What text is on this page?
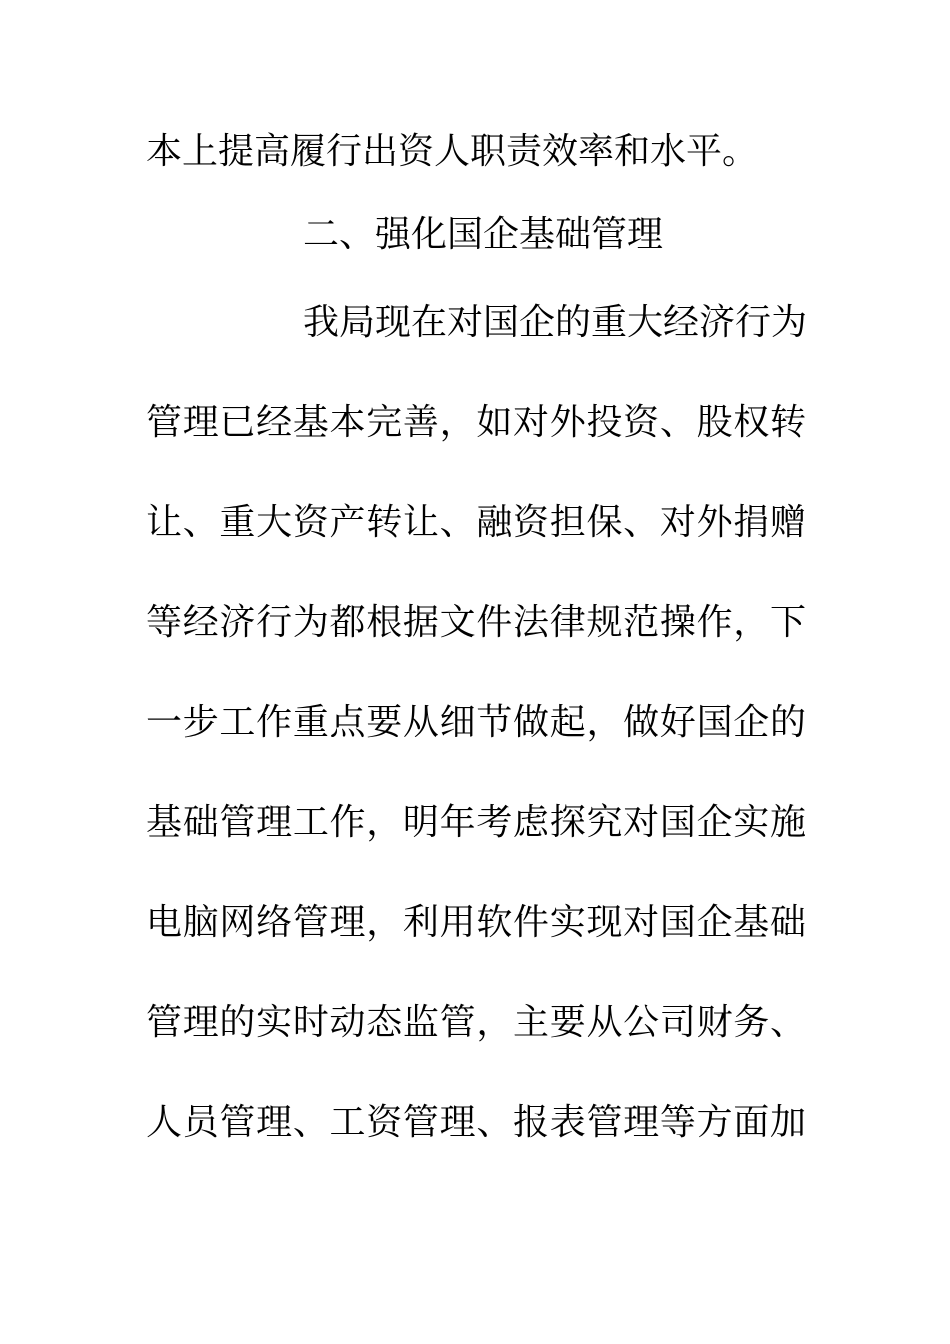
本上提高履行出资人职责效率和水平。
二、强化国企基础管理
我局现在对国企的重大经济行为
管理已经基本完善，如对外投资、股权转
让、重大资产转让、融资担保、对外捐赠
等经济行为都根据文件法律规范操作，下
一步工作重点要从细节做起，做好国企的
基础管理工作，明年考虑探究对国企实施
电脑网络管理，利用软件实现对国企基础
管理的实时动态监管，主要从公司财务、
人员管理、工资管理、报表管理等方面加
